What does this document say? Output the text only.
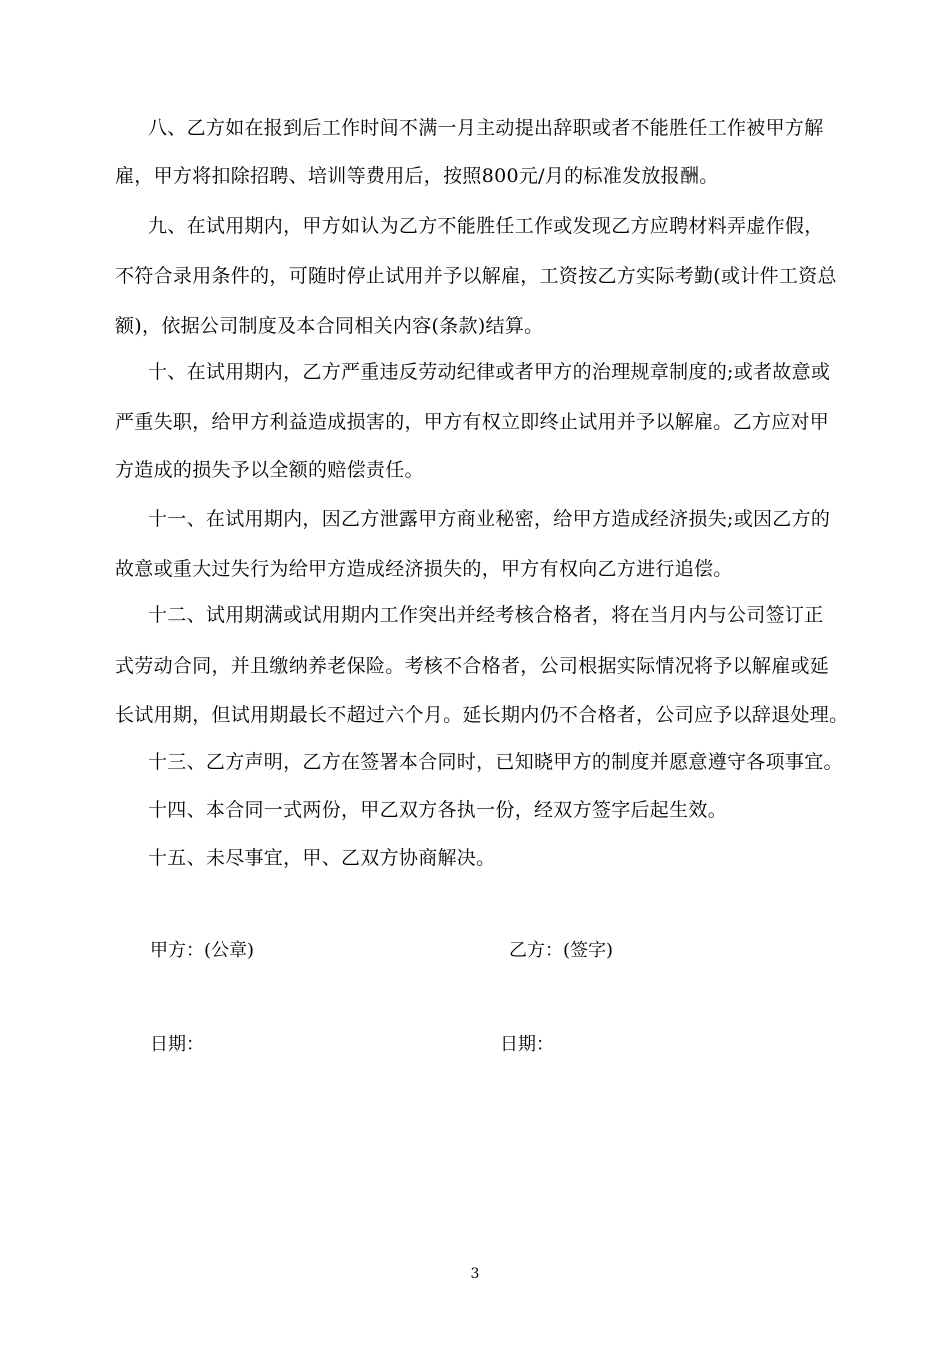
八、乙方如在报到后工作时间不满一月主动提出辞职或者不能胜任工作被甲方解
雇，甲方将扣除招聘、培训等费用后，按照800元/月的标准发放报酬。
九、在试用期内，甲方如认为乙方不能胜任工作或发现乙方应聘材料弄虚作假，
不符合录用条件的，可随时停止试用并予以解雇，工资按乙方实际考勤(或计件工资总
额)，依据公司制度及本合同相关内容(条款)结算。
十、在试用期内，乙方严重违反劳动纪律或者甲方的治理规章制度的;或者故意或
严重失职，给甲方利益造成损害的，甲方有权立即终止试用并予以解雇。乙方应对甲
方造成的损失予以全额的赔偿责任。
十一、在试用期内，因乙方泄露甲方商业秘密，给甲方造成经济损失;或因乙方的
故意或重大过失行为给甲方造成经济损失的，甲方有权向乙方进行追偿。
十二、试用期满或试用期内工作突出并经考核合格者，将在当月内与公司签订正
式劳动合同，并且缴纳养老保险。考核不合格者，公司根据实际情况将予以解雇或延
长试用期，但试用期最长不超过六个月。延长期内仍不合格者，公司应予以辞退处理。
十三、乙方声明，乙方在签署本合同时，已知晓甲方的制度并愿意遵守各项事宜。
十四、本合同一式两份，甲乙双方各执一份，经双方签字后起生效。
十五、未尽事宜，甲、乙双方协商解决。
甲方：(公章)	乙方：(签字)
日期：	日期：
3
